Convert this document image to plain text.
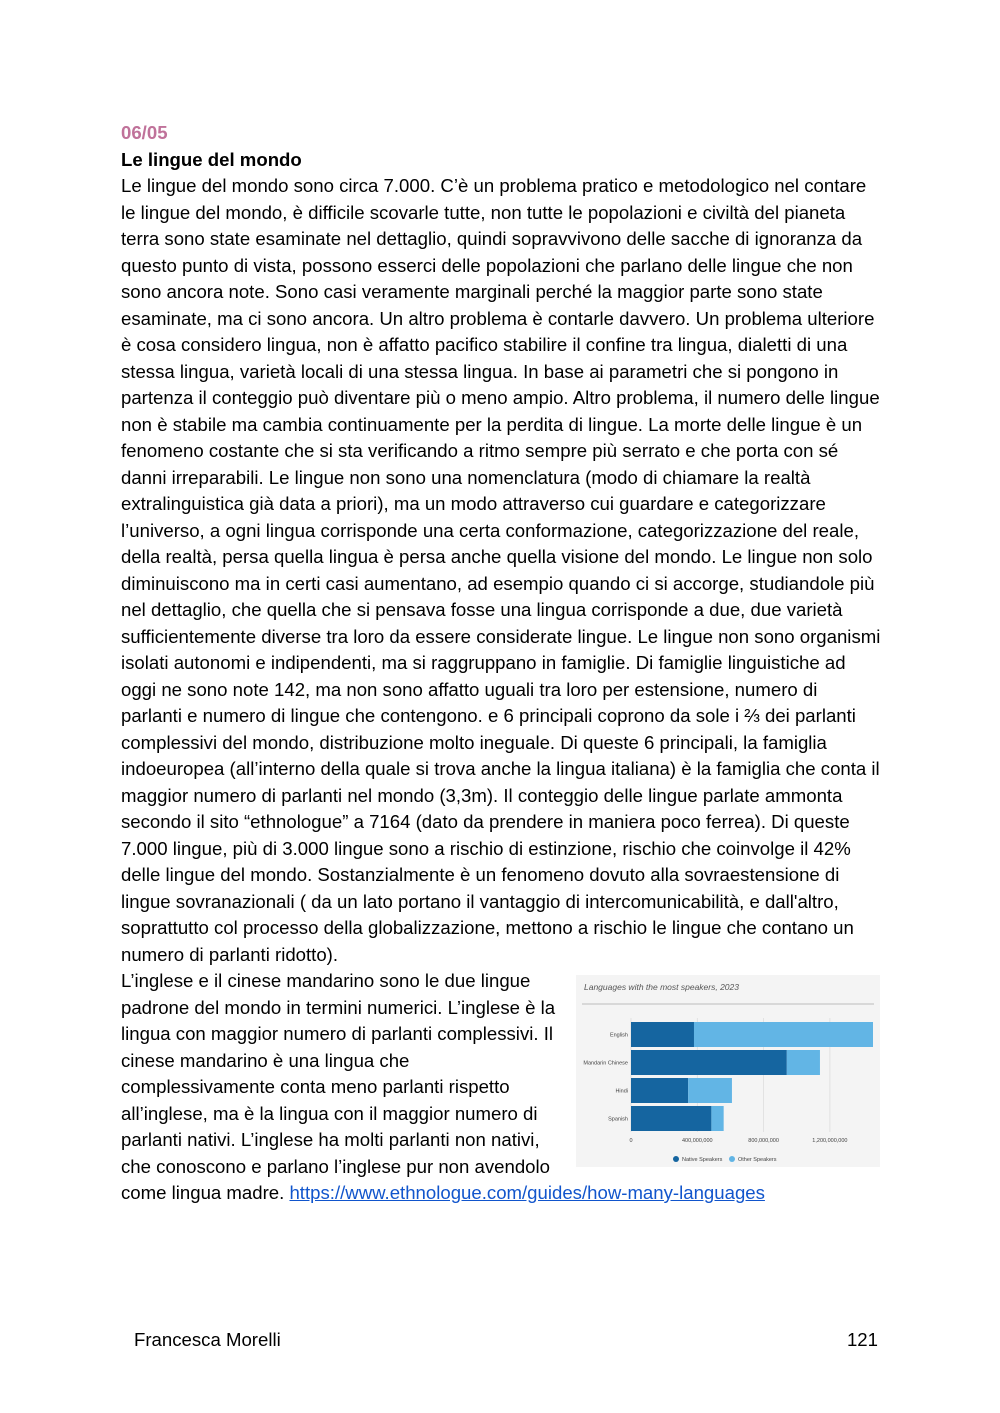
06/05

Le lingue del mondo

Le lingue del mondo sono circa 7.000. C’è un problema pratico e metodologico nel contare le lingue del mondo, è difficile scovarle tutte, non tutte le popolazioni e civiltà del pianeta terra sono state esaminate nel dettaglio, quindi sopravvivono delle sacche di ignoranza da questo punto di vista, possono esserci delle popolazioni che parlano delle lingue che non sono ancora note. Sono casi veramente marginali perché la maggior parte sono state esaminate, ma ci sono ancora. Un altro problema è contarle davvero. Un problema ulteriore è cosa considero lingua, non è affatto pacifico stabilire il confine tra lingua, dialetti di una stessa lingua, varietà locali di una stessa lingua. In base ai parametri che si pongono in partenza il conteggio può diventare più o meno ampio. Altro problema, il numero delle lingue non è stabile ma cambia continuamente per la perdita di lingue. La morte delle lingue è un fenomeno costante che si sta verificando a ritmo sempre più serrato e che porta con sé danni irreparabili. Le lingue non sono una nomenclatura (modo di chiamare la realtà extralinguistica già data a priori), ma un modo attraverso cui guardare e categorizzare l’universo, a ogni lingua corrisponde una certa conformazione, categorizzazione del reale, della realtà, persa quella lingua è persa anche quella visione del mondo. Le lingue non solo diminuiscono ma in certi casi aumentano, ad esempio quando ci si accorge, studiandole più nel dettaglio, che quella che si pensava fosse una lingua corrisponde a due, due varietà sufficientemente diverse tra loro da essere considerate lingue. Le lingue non sono organismi isolati autonomi e indipendenti, ma si raggruppano in famiglie. Di famiglie linguistiche ad oggi ne sono note 142, ma non sono affatto uguali tra loro per estensione, numero di parlanti e numero di lingue che contengono. e 6 principali coprono da sole i ⅔ dei parlanti complessivi del mondo, distribuzione molto ineguale. Di queste 6 principali, la famiglia indoeuropea (all’interno della quale si trova anche la lingua italiana) è la famiglia che conta il maggior numero di parlanti nel mondo (3,3m). Il conteggio delle lingue parlate ammonta secondo il sito “ethnologue” a 7164 (dato da prendere in maniera poco ferrea). Di queste 7.000 lingue, più di 3.000 lingue sono a rischio di estinzione, rischio che coinvolge il 42% delle lingue del mondo. Sostanzialmente è un fenomeno dovuto alla sovraestensione di lingue sovranazionali ( da un lato portano il vantaggio di intercomunicabilità, e dall'altro, soprattutto col processo della globalizzazione, mettono a rischio le lingue che contano un numero di parlanti ridotto).

Languages with the most speakers, 2023
English
Mandarin Chinese
Hindi
Spanish
0	400,000,000	800,000,000	1,200,000,000
Native Speakers	Other Speakers

L’inglese e il cinese mandarino sono le due lingue padrone del mondo in termini numerici. L’inglese è la lingua con maggior numero di parlanti complessivi. Il cinese mandarino è una lingua che complessivamente conta meno parlanti rispetto all’inglese, ma è la lingua con il maggior numero di parlanti nativi. L’inglese ha molti parlanti non nativi, che conoscono e parlano l’inglese pur non avendolo come lingua madre. https://www.ethnologue.com/guides/how-many-languages

Francesca Morelli	121
